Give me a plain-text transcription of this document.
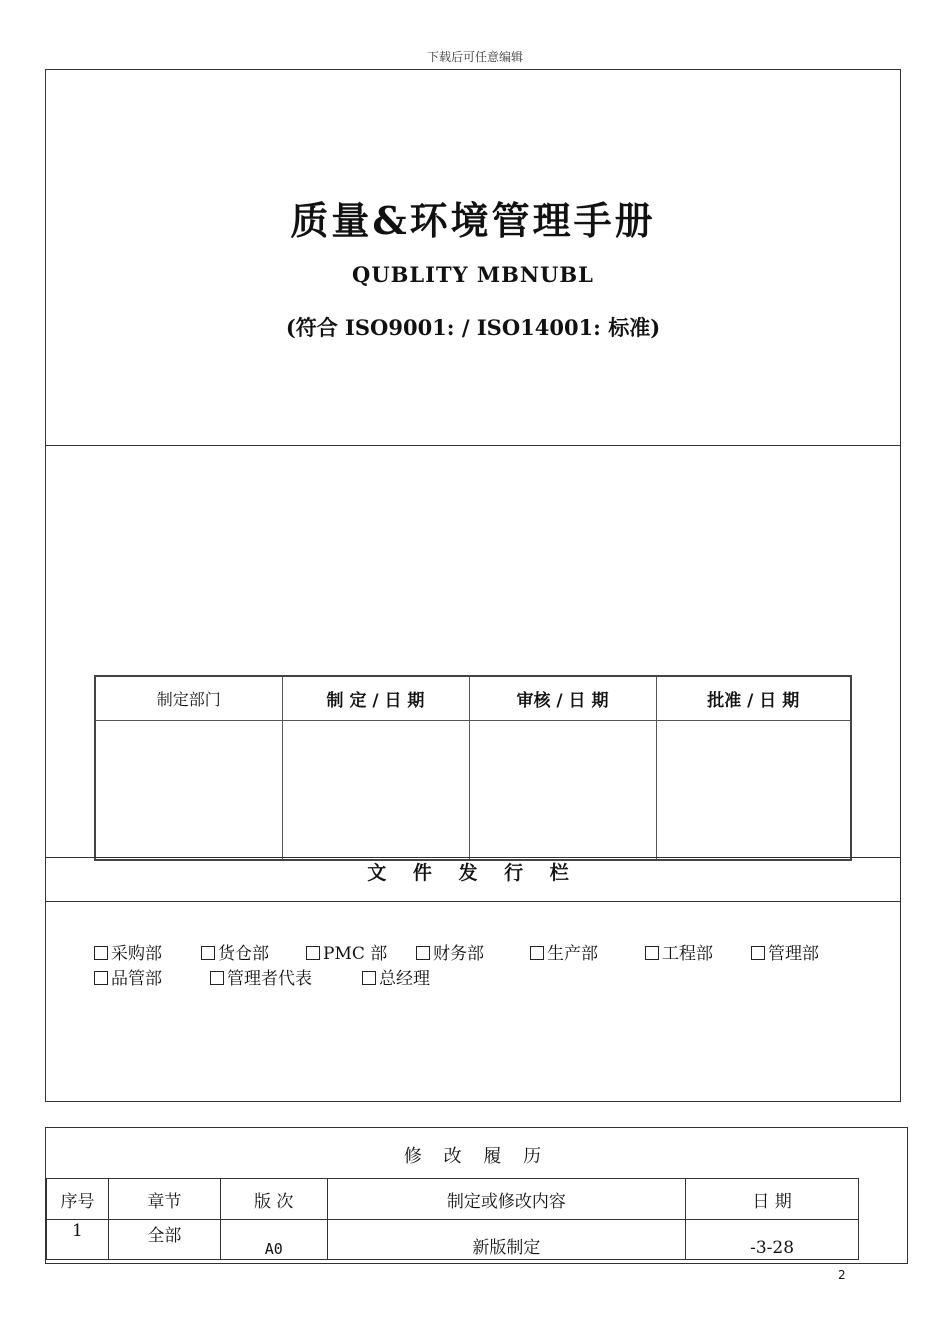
下载后可任意编辑
质量&环境管理手册
QUBLITY MBNUBL
(符合 ISO9001: / ISO14001: 标准)
制定部门	制 定 / 日 期	审核 / 日 期	批准 / 日 期

文 件 发 行 栏
采购部	货仓部	PMC 部	财务部	生产部	工程部	管理部
品管部	管理者代表	总经理
修 改 履 历
序号	章节	版 次	制定或修改内容	日 期
1	全部	A0	新版制定	-3-28
2
